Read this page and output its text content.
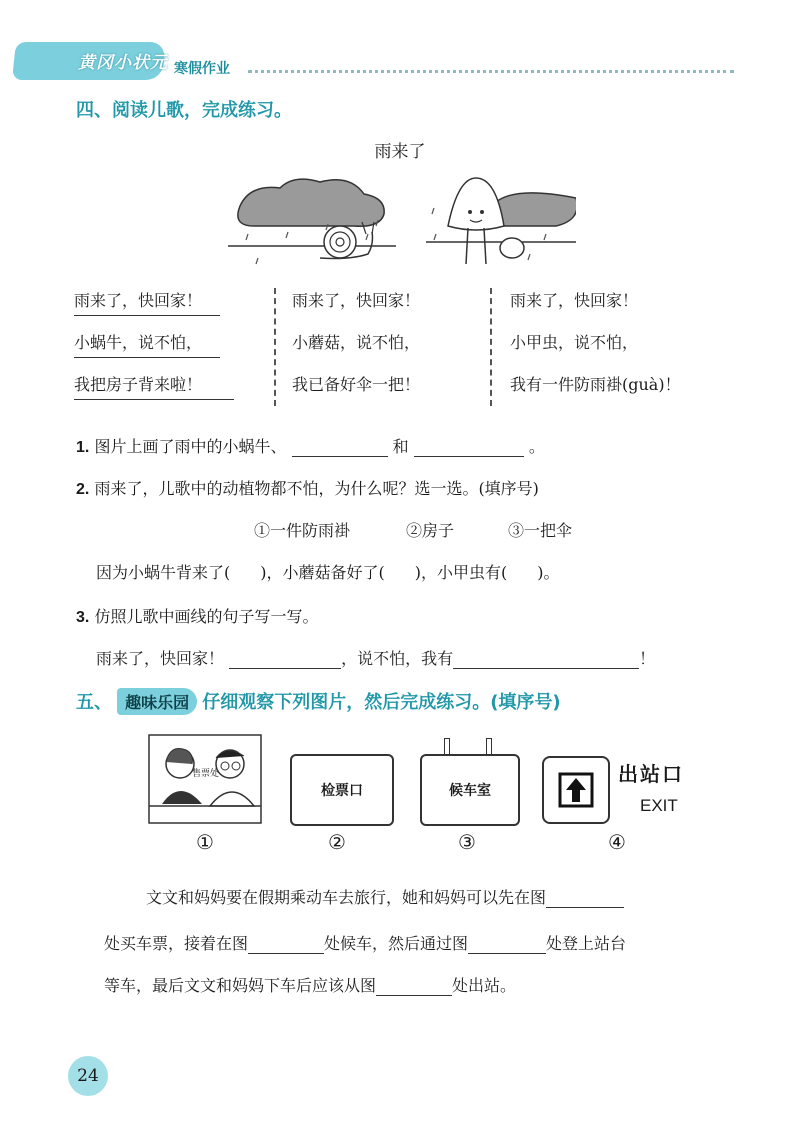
黄冈小状元 寒假作业
四、阅读儿歌，完成练习。
雨来了
雨来了，快回家！
小蜗牛，说不怕，
我把房子背来啦！
雨来了，快回家！
小蘑菇，说不怕，
我已备好伞一把！
雨来了，快回家！
小甲虫，说不怕，
我有一件防雨褂(guà)！
1. 图片上画了雨中的小蜗牛、	和	。
2. 雨来了，儿歌中的动植物都不怕，为什么呢？选一选。(填序号)
①一件防雨褂	②房子	③一把伞
因为小蜗牛背来了( )，小蘑菇备好了( )，小甲虫有( )。
3. 仿照儿歌中画线的句子写一写。
雨来了，快回家！	，说不怕，我有	！
五、 趣味乐园 仔细观察下列图片，然后完成练习。(填序号)
售票处
检票口	候车室
出站口
EXIT
①	②	③	④
文文和妈妈要在假期乘动车去旅行，她和妈妈可以先在图
处买车票，接着在图	处候车，然后通过图	处登上站台
等车，最后文文和妈妈下车后应该从图	处出站。
24
